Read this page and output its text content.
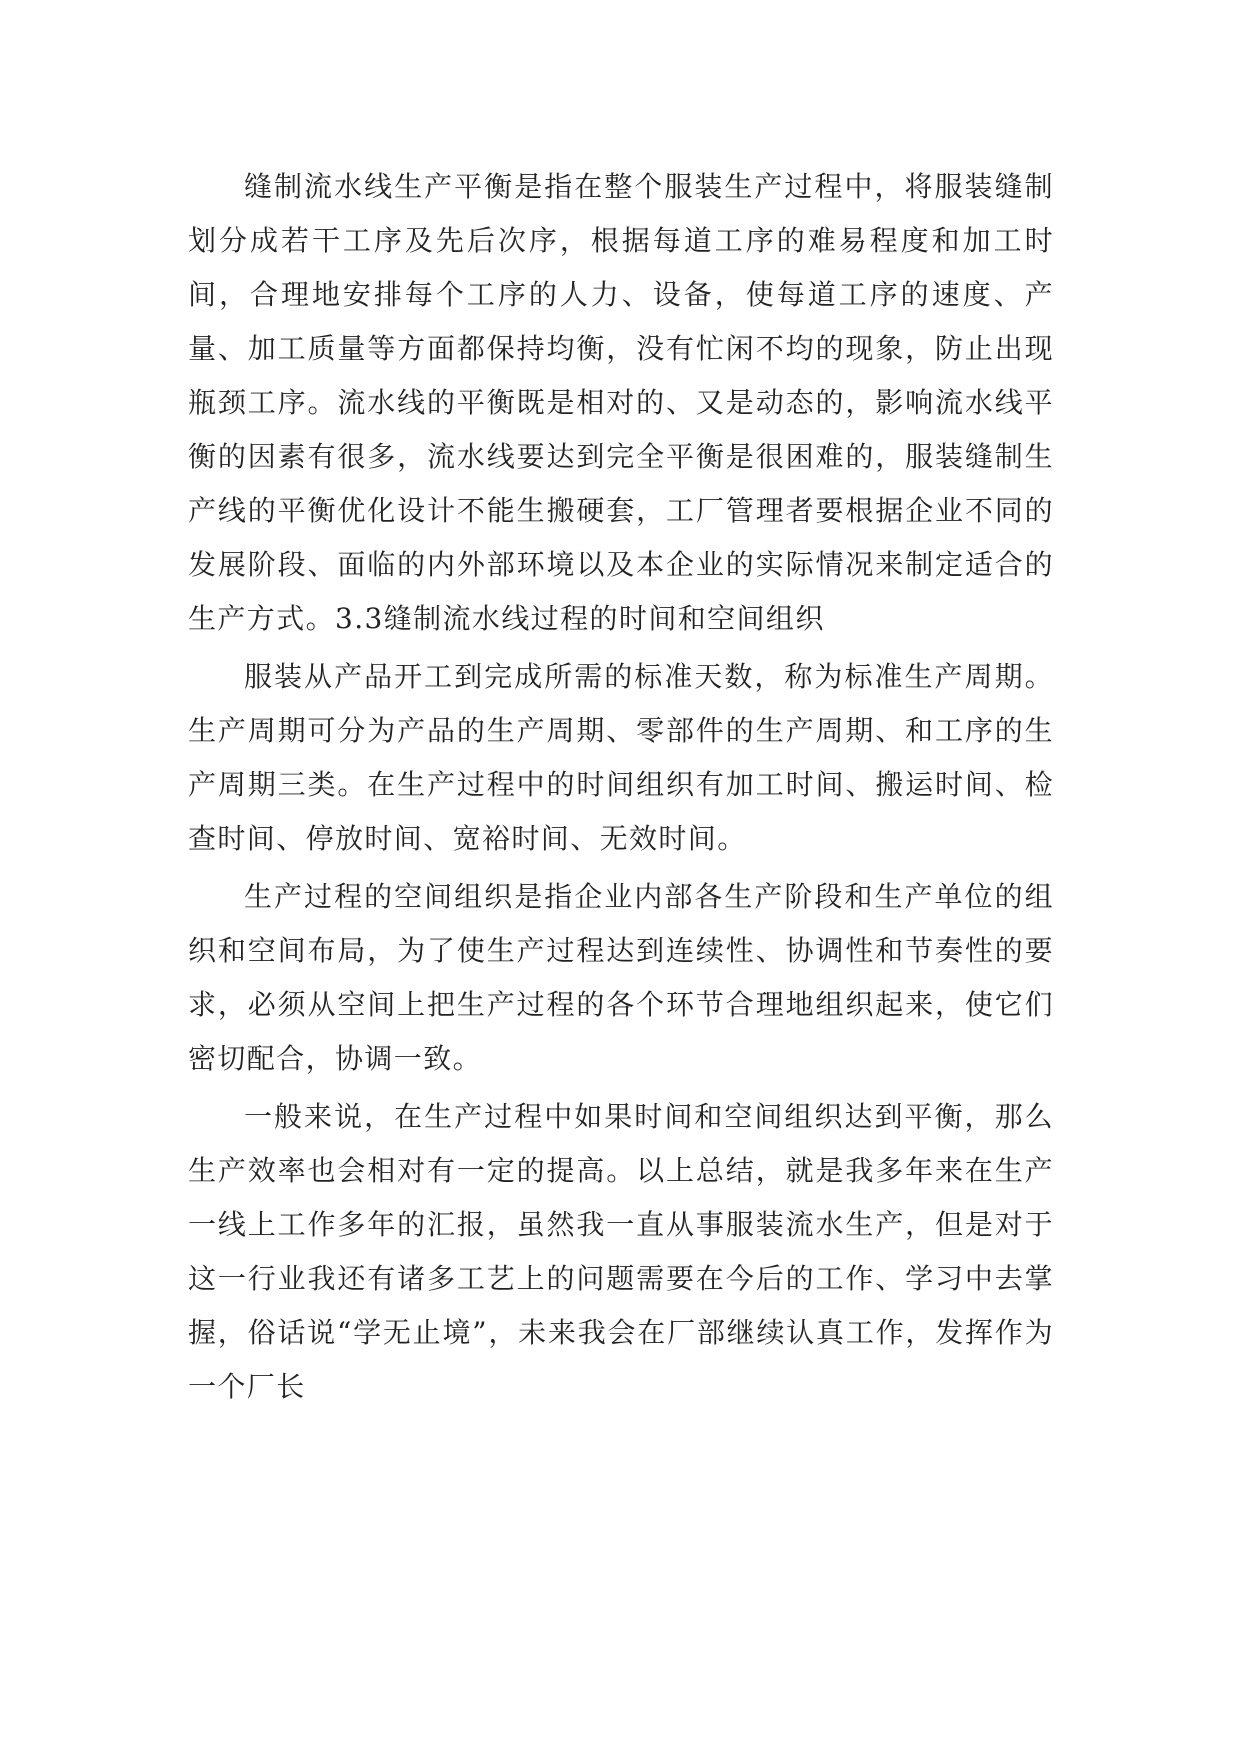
缝制流水线生产平衡是指在整个服装生产过程中，将服装缝制划分成若干工序及先后次序，根据每道工序的难易程度和加工时间，合理地安排每个工序的人力、设备，使每道工序的速度、产量、加工质量等方面都保持均衡，没有忙闲不均的现象，防止出现瓶颈工序。流水线的平衡既是相对的、又是动态的，影响流水线平衡的因素有很多，流水线要达到完全平衡是很困难的，服装缝制生产线的平衡优化设计不能生搬硬套，工厂管理者要根据企业不同的发展阶段、面临的内外部环境以及本企业的实际情况来制定适合的生产方式。3.3缝制流水线过程的时间和空间组织

服装从产品开工到完成所需的标准天数，称为标准生产周期。生产周期可分为产品的生产周期、零部件的生产周期、和工序的生产周期三类。在生产过程中的时间组织有加工时间、搬运时间、检查时间、停放时间、宽裕时间、无效时间。

生产过程的空间组织是指企业内部各生产阶段和生产单位的组织和空间布局，为了使生产过程达到连续性、协调性和节奏性的要求，必须从空间上把生产过程的各个环节合理地组织起来，使它们密切配合，协调一致。

一般来说，在生产过程中如果时间和空间组织达到平衡，那么生产效率也会相对有一定的提高。以上总结，就是我多年来在生产一线上工作多年的汇报，虽然我一直从事服装流水生产，但是对于这一行业我还有诸多工艺上的问题需要在今后的工作、学习中去掌握，俗话说“学无止境”，未来我会在厂部继续认真工作，发挥作为一个厂长
